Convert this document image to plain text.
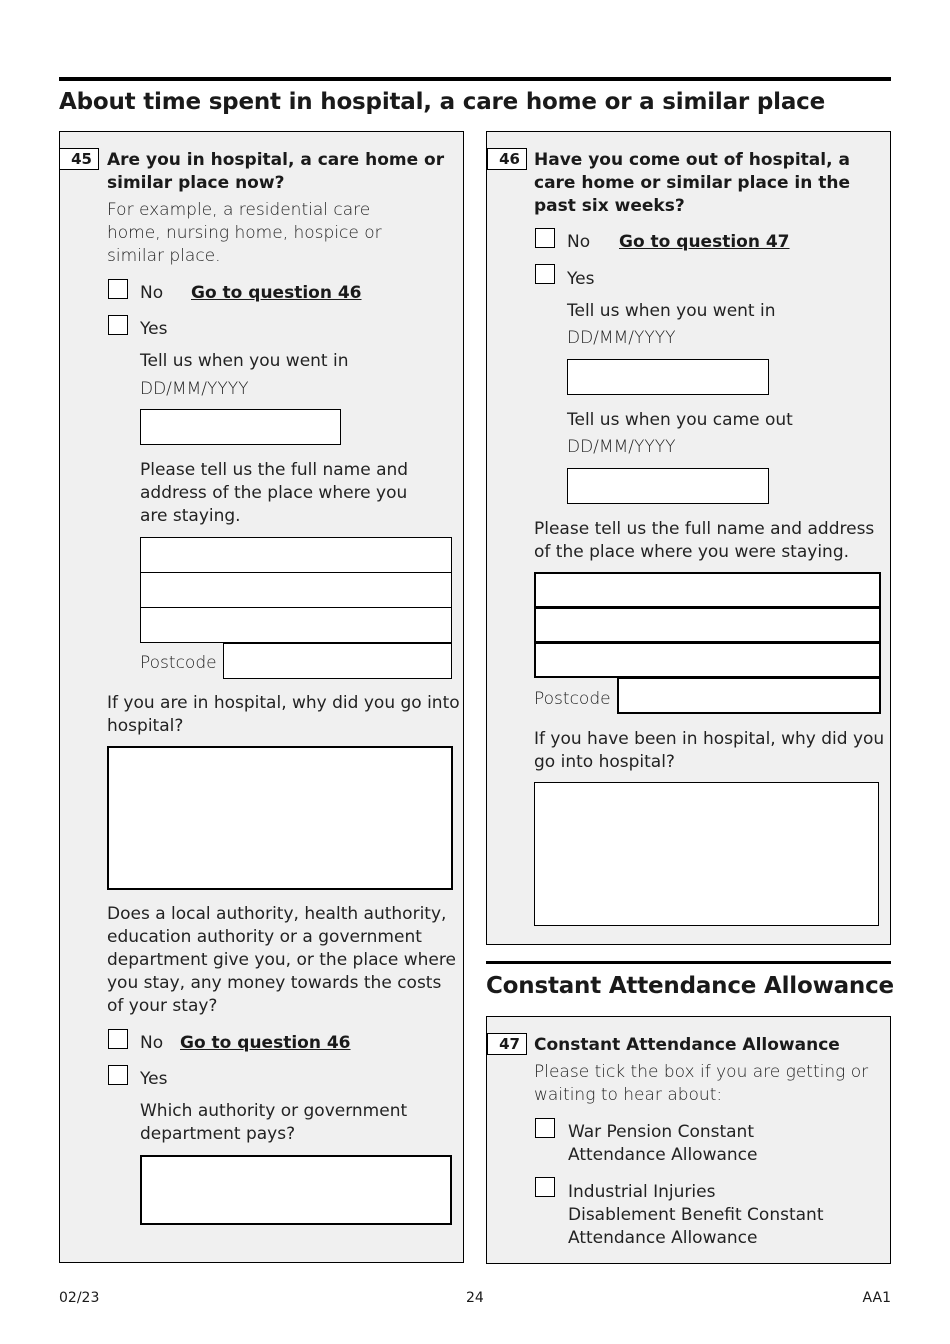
About time spent in hospital, a care home or a similar place
45 Are you in hospital, a care home or
similar place now?
For example, a residential care
home, nursing home, hospice or
similar place.
No Go to question 46
Yes
Tell us when you went in
DD/MM/YYYY
Please tell us the full name and
address of the place where you
are staying.
Postcode
If you are in hospital, why did you go into
hospital?
Does a local authority, health authority,
education authority or a government
department give you, or the place where
you stay, any money towards the costs
of your stay?
No Go to question 46
Yes
Which authority or government
department pays?
46 Have you come out of hospital, a
care home or similar place in the
past six weeks?
No Go to question 47
Yes
Tell us when you went in
DD/MM/YYYY
Tell us when you came out
DD/MM/YYYY
Please tell us the full name and address
of the place where you were staying.
Postcode
If you have been in hospital, why did you
go into hospital?
Constant Attendance Allowance
47 Constant Attendance Allowance
Please tick the box if you are getting or
waiting to hear about:
War Pension Constant
Attendance Allowance
Industrial Injuries
Disablement Benefit Constant
Attendance Allowance
02/23	24	AA1
